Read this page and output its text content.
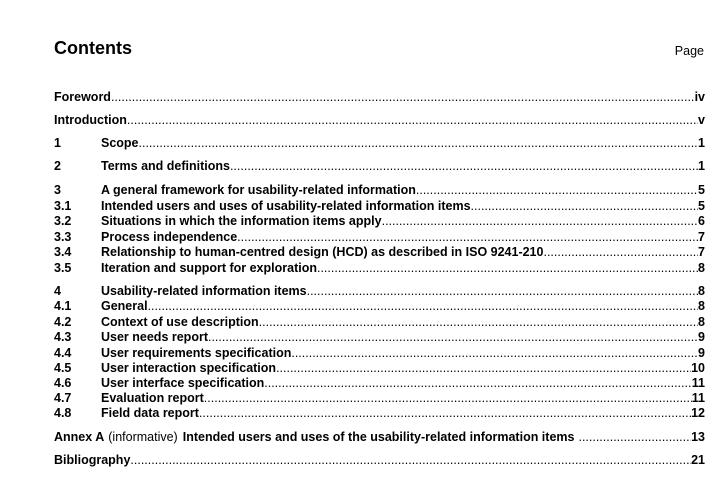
Contents	Page
Foreword .....	iv
Introduction .....	v
1	Scope .....	1
2	Terms and definitions .....	1
3	A general framework for usability-related information .....	5
3.1	Intended users and uses of usability-related information items .....	5
3.2	Situations in which the information items apply .....	6
3.3	Process independence .....	7
3.4	Relationship to human-centred design (HCD) as described in ISO 9241-210 .....	7
3.5	Iteration and support for exploration .....	8
4	Usability-related information items .....	8
4.1	General .....	8
4.2	Context of use description .....	8
4.3	User needs report .....	9
4.4	User requirements specification .....	9
4.5	User interaction specification .....	10
4.6	User interface specification .....	11
4.7	Evaluation report .....	11
4.8	Field data report .....	12
Annex A (informative) Intended users and uses of the usability-related information items .....	13
Bibliography .....	21
